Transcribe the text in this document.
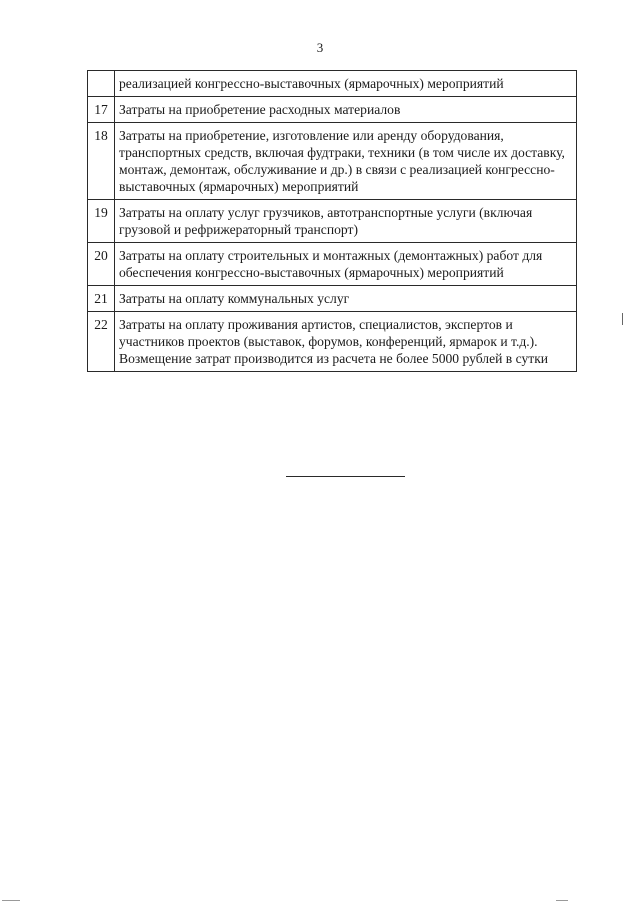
3
	реализацией конгрессно-выставочных (ярмарочных) мероприятий
17	Затраты на приобретение расходных материалов
18	Затраты на приобретение, изготовление или аренду оборудования, транспортных средств, включая фудтраки, техники (в том числе их доставку, монтаж, демонтаж, обслуживание и др.) в связи с реализацией конгрессно-выставочных (ярмарочных) мероприятий
19	Затраты на оплату услуг грузчиков, автотранспортные услуги (включая грузовой и рефрижераторный транспорт)
20	Затраты на оплату строительных и монтажных (демонтажных) работ для обеспечения конгрессно-выставочных (ярмарочных) мероприятий
21	Затраты на оплату коммунальных услуг
22	Затраты на оплату проживания артистов, специалистов, экспертов и участников проектов (выставок, форумов, конференций, ярмарок и т.д.). Возмещение затрат производится из расчета не более 5000 рублей в сутки
